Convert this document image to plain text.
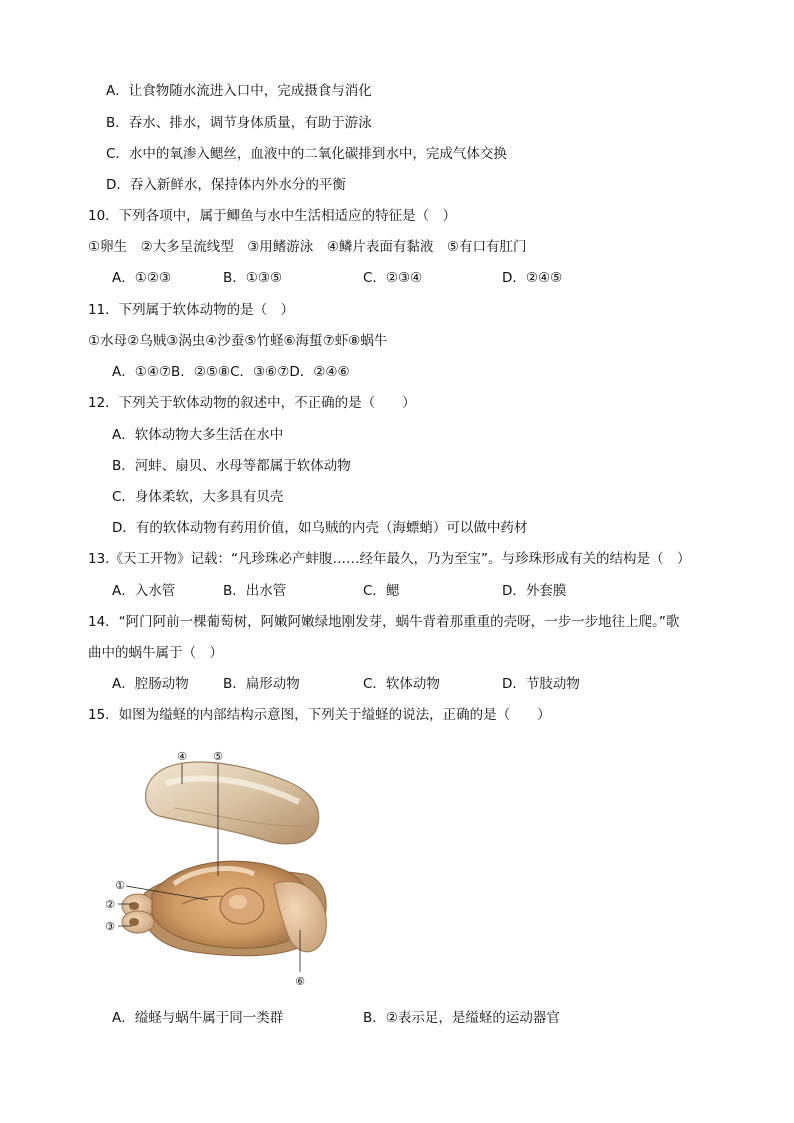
A．让食物随水流进入口中，完成摄食与消化
B．吞水、排水，调节身体质量，有助于游泳
C．水中的氧渗入鳃丝，血液中的二氧化碳排到水中，完成气体交换
D．吞入新鲜水，保持体内外水分的平衡
10．下列各项中，属于鲫鱼与水中生活相适应的特征是（　）
①卵生　②大多呈流线型　③用鳍游泳　④鳞片表面有黏液　⑤有口有肛门
A．①②③	B．①③⑤	C．②③④	D．②④⑤
11．下列属于软体动物的是（　）
①水母②乌贼③涡虫④沙蚕⑤竹蛏⑥海蜇⑦虾⑧蜗牛
A．①④⑦B．②⑤⑧C．③⑥⑦D．②④⑥
12．下列关于软体动物的叙述中，不正确的是（　　）
A．软体动物大多生活在水中
B．河蚌、扇贝、水母等都属于软体动物
C．身体柔软，大多具有贝壳
D．有的软体动物有药用价值，如乌贼的内壳（海螵蛸）可以做中药材
13.《天工开物》记载：“凡珍珠必产蚌腹……经年最久，乃为至宝”。与珍珠形成有关的结构是（　）
A．入水管	B．出水管	C．鳃	D．外套膜
14．“阿门阿前一棵葡萄树，阿嫩阿嫩绿地刚发芽，蜗牛背着那重重的壳呀，一步一步地往上爬。”歌
曲中的蜗牛属于（　）
A．腔肠动物	B．扁形动物	C．软体动物	D．节肢动物
15．如图为缢蛏的内部结构示意图，下列关于缢蛏的说法，正确的是（　　）
④ ⑤
①
②
③
⑥
A．缢蛏与蜗牛属于同一类群	B．②表示足，是缢蛏的运动器官
